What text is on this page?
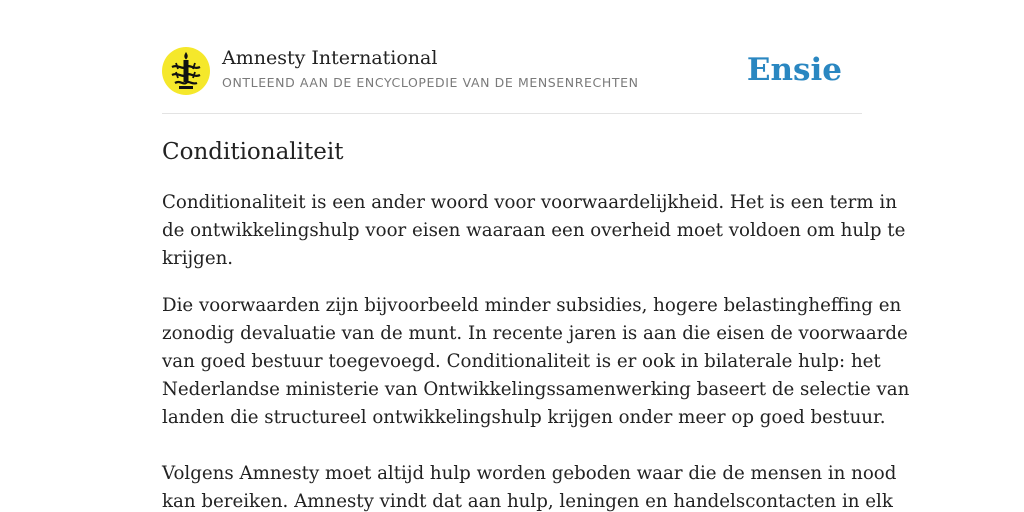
Amnesty International
ONTLEEND AAN DE ENCYCLOPEDIE VAN DE MENSENRECHTEN	Ensie
Conditionaliteit

Conditionaliteit is een ander woord voor voorwaardelijkheid. Het is een term in
de ontwikkelingshulp voor eisen waaraan een overheid moet voldoen om hulp te
krijgen.

Die voorwaarden zijn bijvoorbeeld minder subsidies, hogere belastingheffing en
zonodig devaluatie van de munt. In recente jaren is aan die eisen de voorwaarde
van goed bestuur toegevoegd. Conditionaliteit is er ook in bilaterale hulp: het
Nederlandse ministerie van Ontwikkelingssamenwerking baseert de selectie van
landen die structureel ontwikkelingshulp krijgen onder meer op goed bestuur.

Volgens Amnesty moet altijd hulp worden geboden waar die de mensen in nood
kan bereiken. Amnesty vindt dat aan hulp, leningen en handelscontacten in elk
